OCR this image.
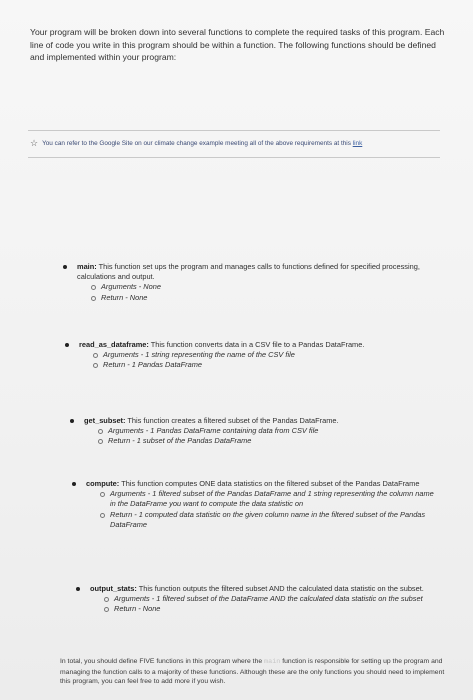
Your program will be broken down into several functions to complete the required tasks of this program. Each line of code you write in this program should be within a function. The following functions should be defined and implemented within your program:

☆ You can refer to the Google Site on our climate change example meeting all of the above requirements at this link
main: This function set ups the program and manages calls to functions defined for specified processing, calculations and output.
Arguments - None
Return - None
read_as_dataframe: This function converts data in a CSV file to a Pandas DataFrame.
Arguments - 1 string representing the name of the CSV file
Return - 1 Pandas DataFrame
get_subset: This function creates a filtered subset of the Pandas DataFrame.
Arguments - 1 Pandas DataFrame containing data from CSV file
Return - 1 subset of the Pandas DataFrame
compute: This function computes ONE data statistics on the filtered subset of the Pandas DataFrame
Arguments - 1 filtered subset of the Pandas DataFrame and 1 string representing the column name in the DataFrame you want to compute the data statistic on
Return - 1 computed data statistic on the given column name in the filtered subset of the Pandas DataFrame
output_stats: This function outputs the filtered subset AND the calculated data statistic on the subset.
Arguments - 1 filtered subset of the DataFrame AND the calculated data statistic on the subset
Return - None

In total, you should define FIVE functions in this program where the main function is responsible for setting up the program and managing the function calls to a majority of these functions. Although these are the only functions you should need to implement this program, you can feel free to add more if you wish.
